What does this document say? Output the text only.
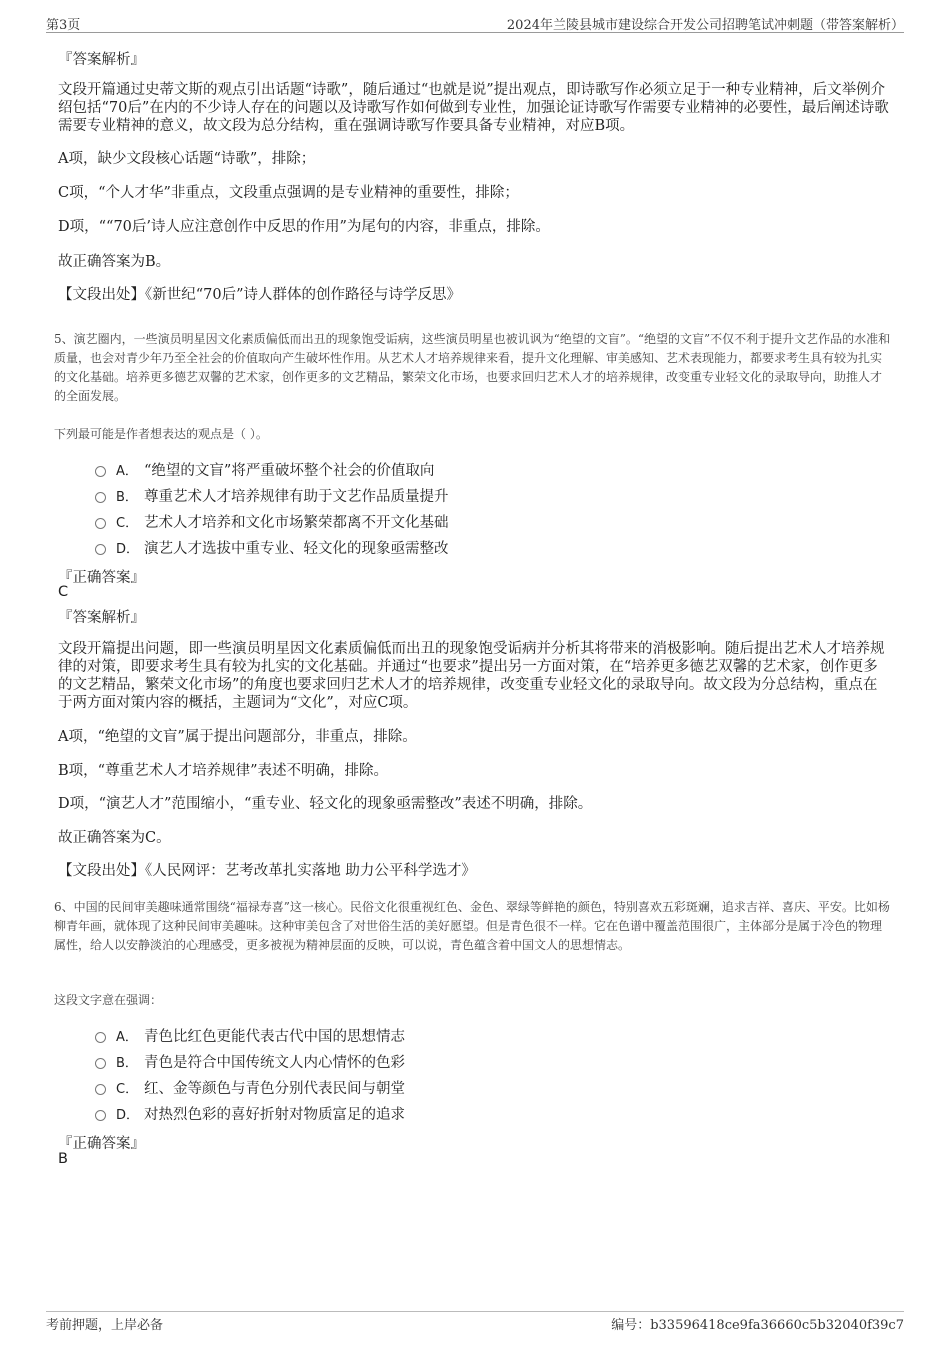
第3页	2024年兰陵县城市建设综合开发公司招聘笔试冲刺题（带答案解析）
『答案解析』
文段开篇通过史蒂文斯的观点引出话题“诗歌”，随后通过“也就是说”提出观点，即诗歌写作必须立足于一种专业精神，后文举例介绍包括“70后”在内的不少诗人存在的问题以及诗歌写作如何做到专业性，加强论证诗歌写作需要专业精神的必要性，最后阐述诗歌需要专业精神的意义，故文段为总分结构，重在强调诗歌写作要具备专业精神，对应B项。
A项，缺少文段核心话题“诗歌”，排除；
C项，“个人才华”非重点，文段重点强调的是专业精神的重要性，排除；
D项，““70后’诗人应注意创作中反思的作用”为尾句的内容，非重点，排除。
故正确答案为B。
【文段出处】《新世纪“70后”诗人群体的创作路径与诗学反思》
5、演艺圈内，一些演员明星因文化素质偏低而出丑的现象饱受诟病，这些演员明星也被讥讽为“绝望的文盲”。“绝望的文盲”不仅不利于提升文艺作品的水准和质量，也会对青少年乃至全社会的价值取向产生破坏性作用。从艺术人才培养规律来看，提升文化理解、审美感知、艺术表现能力，都要求考生具有较为扎实的文化基础。培养更多德艺双馨的艺术家，创作更多的文艺精品，繁荣文化市场，也要求回归艺术人才的培养规律，改变重专业轻文化的录取导向，助推人才的全面发展。
下列最可能是作者想表达的观点是（ ）。
A． “绝望的文盲”将严重破坏整个社会的价值取向
B． 尊重艺术人才培养规律有助于文艺作品质量提升
C． 艺术人才培养和文化市场繁荣都离不开文化基础
D． 演艺人才选拔中重专业、轻文化的现象亟需整改
『正确答案』
C
『答案解析』
文段开篇提出问题，即一些演员明星因文化素质偏低而出丑的现象饱受诟病并分析其将带来的消极影响。随后提出艺术人才培养规律的对策，即要求考生具有较为扎实的文化基础。并通过“也要求”提出另一方面对策，在“培养更多德艺双馨的艺术家，创作更多的文艺精品，繁荣文化市场”的角度也要求回归艺术人才的培养规律，改变重专业轻文化的录取导向。故文段为分总结构，重点在于两方面对策内容的概括，主题词为“文化”，对应C项。
A项，“绝望的文盲”属于提出问题部分，非重点，排除。
B项，“尊重艺术人才培养规律”表述不明确，排除。
D项，“演艺人才”范围缩小，“重专业、轻文化的现象亟需整改”表述不明确，排除。
故正确答案为C。
【文段出处】《人民网评：艺考改革扎实落地 助力公平科学选才》
6、中国的民间审美趣味通常围绕“福禄寿喜”这一核心。民俗文化很重视红色、金色、翠绿等鲜艳的颜色，特别喜欢五彩斑斓，追求吉祥、喜庆、平安。比如杨柳青年画，就体现了这种民间审美趣味。这种审美包含了对世俗生活的美好愿望。但是青色很不一样。它在色谱中覆盖范围很广，主体部分是属于冷色的物理属性，给人以安静淡泊的心理感受，更多被视为精神层面的反映，可以说，青色蕴含着中国文人的思想情志。
这段文字意在强调：
A． 青色比红色更能代表古代中国的思想情志
B． 青色是符合中国传统文人内心情怀的色彩
C． 红、金等颜色与青色分别代表民间与朝堂
D． 对热烈色彩的喜好折射对物质富足的追求
『正确答案』
B
考前押题，上岸必备	编号：b33596418ce9fa36660c5b32040f39c7
